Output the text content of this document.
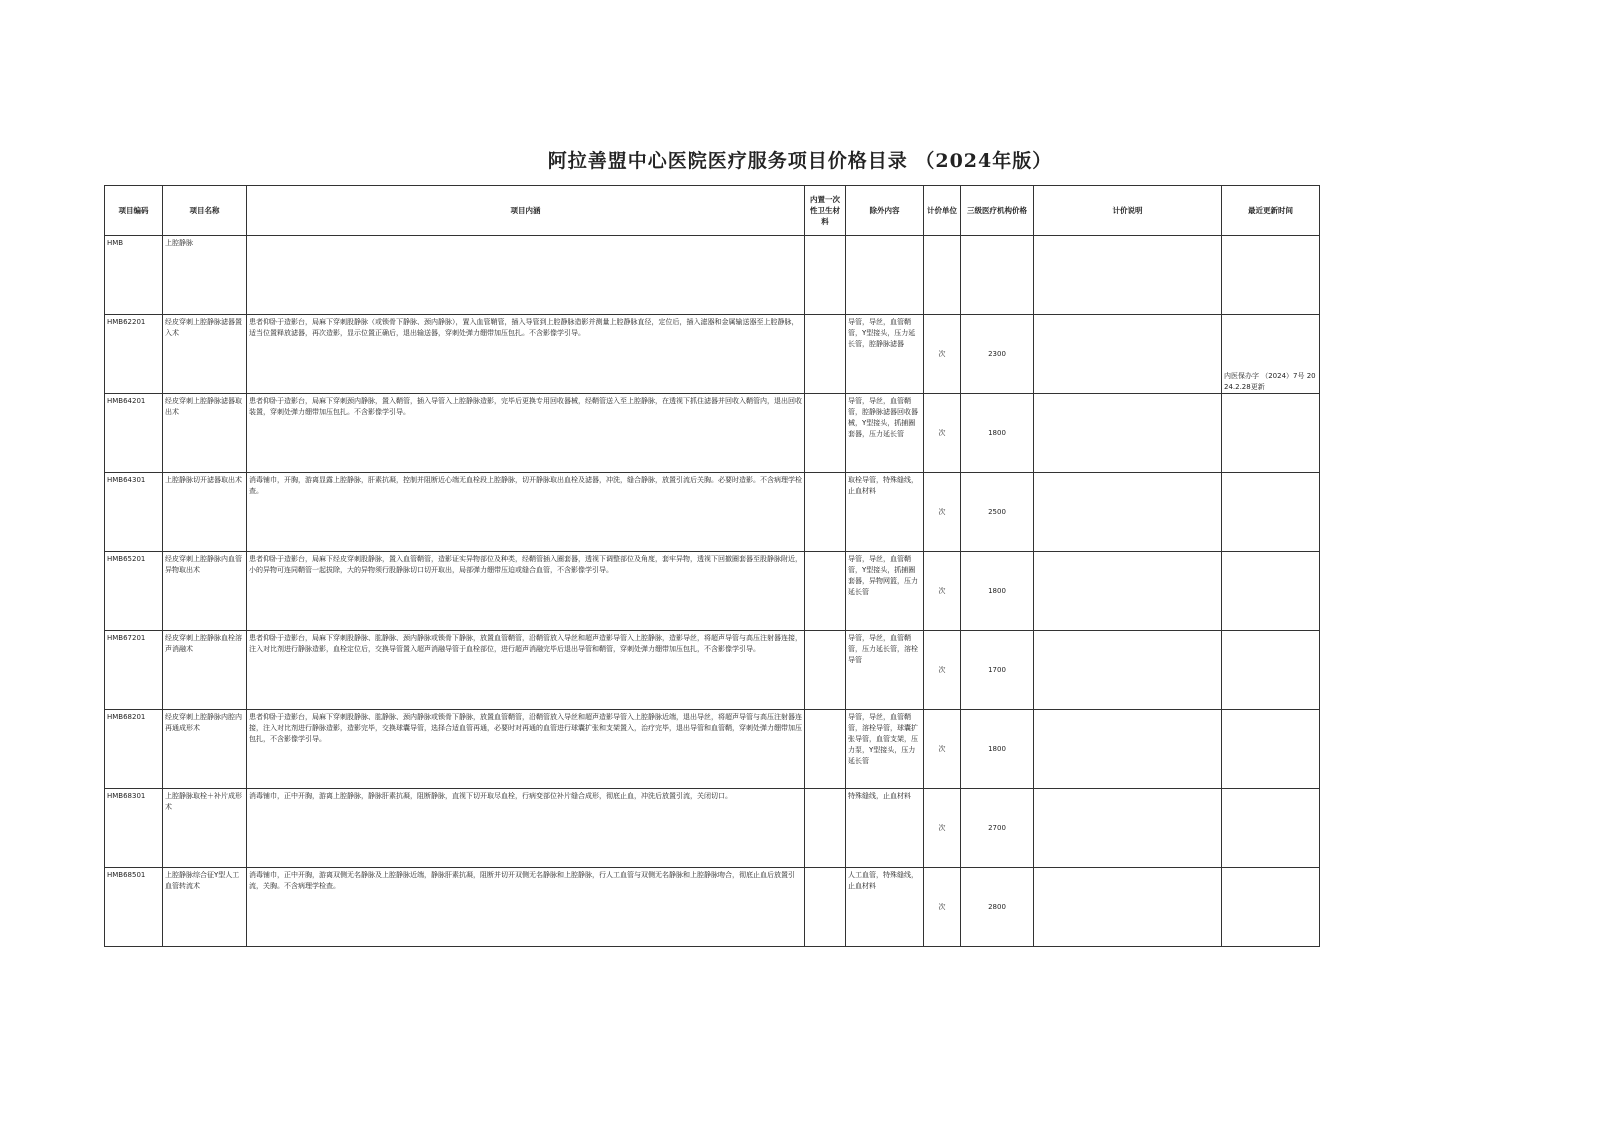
阿拉善盟中心医院医疗服务项目价格目录 （2024年版）
项目编码	项目名称	项目内涵	内置一次性卫生材料	除外内容	计价单位	三级医疗机构价格	计价说明	最近更新时间
HMB	上腔静脉							
HMB62201	经皮穿刺上腔静脉滤器置入术	患者仰卧于造影台，局麻下穿刺股静脉（或锁骨下静脉、颈内静脉），置入血管鞘管，插入导管到上腔静脉造影并测量上腔静脉直径，定位后，插入滤器和金属输送器至上腔静脉，适当位置释放滤器，再次造影，显示位置正确后，退出输送器，穿刺处弹力绷带加压包扎。不含影像学引导。		导管，导丝，血管鞘管，Y型接头，压力延长管，腔静脉滤器	次	2300		内医保办字 （2024）7号 2024.2.28更新

HMB64201	经皮穿刺上腔静脉滤器取出术	患者仰卧于造影台，局麻下穿刺颈内静脉，置入鞘管，插入导管入上腔静脉造影，完毕后更换专用回收器械，经鞘管送入至上腔静脉，在透视下抓住滤器并回收入鞘管内，退出回收装置，穿刺处弹力绷带加压包扎。不含影像学引导。		导管，导丝，血管鞘管，腔静脉滤器回收器械，Y型接头，抓捕圈套器，压力延长管	次	1800		
HMB64301	上腔静脉切开滤器取出术	消毒铺巾，开胸，游离显露上腔静脉，肝素抗凝，控制并阻断近心端无血栓段上腔静脉，切开静脉取出血栓及滤器，冲洗，缝合静脉，放置引流后关胸。必要时造影。不含病理学检查。		取栓导管，特殊缝线，止血材料	次	2500		
HMB65201	经皮穿刺上腔静脉内血管异物取出术	患者仰卧于造影台，局麻下经皮穿刺股静脉，置入血管鞘管，造影证实异物部位及种类，经鞘管插入圈套器，透视下调整部位及角度，套牢异物，透视下回撤圈套器至股静脉附近，小的异物可连同鞘管一起拔除，大的异物须行股静脉切口切开取出，局部弹力绷带压迫或缝合血管，不含影像学引导。		导管，导丝，血管鞘管，Y型接头，抓捕圈套器，异物网篮，压力延长管	次	1800		
HMB67201	经皮穿刺上腔静脉血栓溶声消融术	患者仰卧于造影台，局麻下穿刺股静脉、肱静脉、颈内静脉或锁骨下静脉，放置血管鞘管，沿鞘管放入导丝和超声造影导管入上腔静脉，造影导丝，将超声导管与高压注射器连接，注入对比剂进行静脉造影，血栓定位后，交换导管置入超声消融导管于血栓部位，进行超声消融完毕后退出导管和鞘管，穿刺处弹力绷带加压包扎，不含影像学引导。		导管，导丝，血管鞘管，压力延长管，溶栓导管	次	1700		
HMB68201	经皮穿刺上腔静脉内腔内再通成形术	患者仰卧于造影台，局麻下穿刺股静脉、肱静脉、颈内静脉或锁骨下静脉，放置血管鞘管，沿鞘管放入导丝和超声造影导管入上腔静脉近端，退出导丝，将超声导管与高压注射器连接，注入对比剂进行静脉造影，造影完毕，交换球囊导管，选择合适血管再通，必要时对再通的血管进行球囊扩张和支架置入，治疗完毕，退出导管和血管鞘，穿刺处弹力绷带加压包扎，不含影像学引导。		导管，导丝，血管鞘管，溶栓导管，球囊扩张导管，血管支架，压力泵，Y型接头，压力延长管	次	1800		
HMB68301	上腔静脉取栓＋补片成形术	消毒铺巾，正中开胸，游离上腔静脉，静脉肝素抗凝，阻断静脉，直视下切开取尽血栓，行病变部位补片缝合成形，彻底止血，冲洗后放置引流，关闭切口。		特殊缝线，止血材料	次	2700		
HMB68501	上腔静脉综合征Y型人工血管转流术	消毒铺巾，正中开胸，游离双侧无名静脉及上腔静脉近端，静脉肝素抗凝，阻断并切开双侧无名静脉和上腔静脉，行人工血管与双侧无名静脉和上腔静脉吻合，彻底止血后放置引流，关胸。不含病理学检查。		人工血管，特殊缝线，止血材料	次	2800		
